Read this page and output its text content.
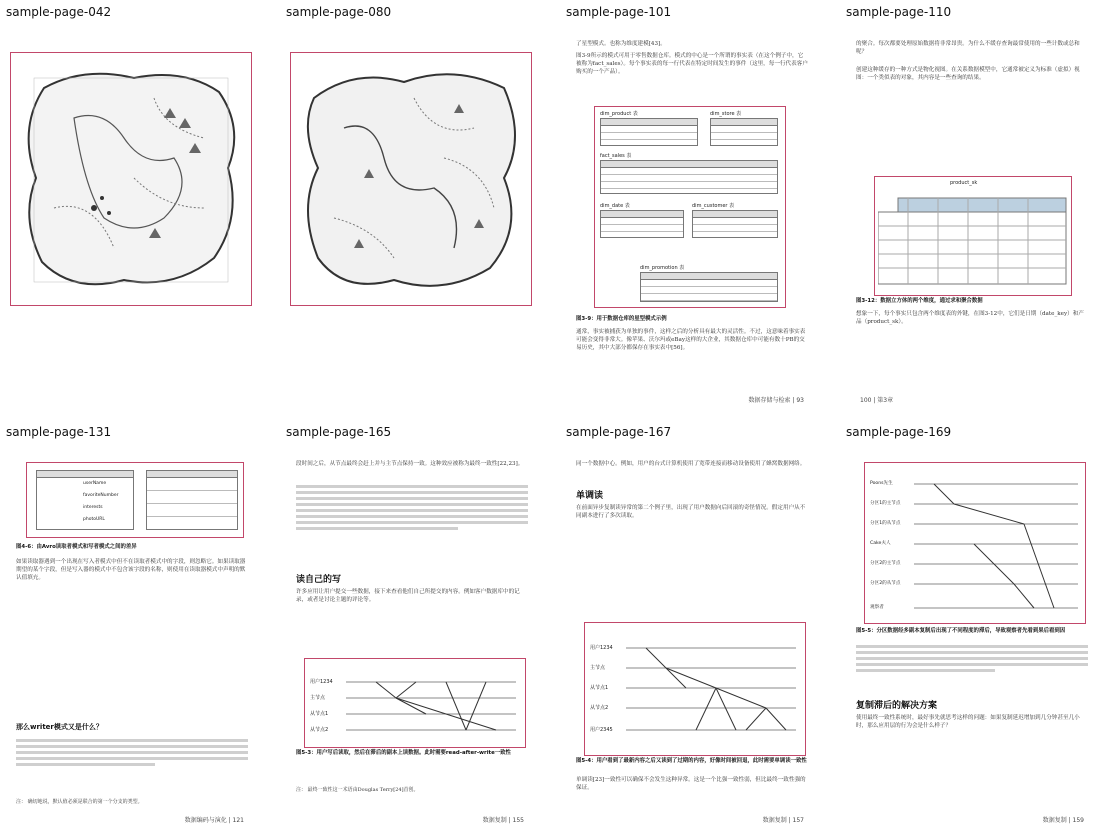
sample-page-042	sample-page-080	sample-page-101
了星型模式。也称为维度建模[43]。
图3-9所示的模式可用于零售数据仓库。模式的中心是一个所谓的事实表（在这个例子中，它被称为fact_sales）。每个事实表的每一行代表在特定时间发生的事件（这里，每一行代表客户购买的一个产品）。
dim_product 表	dim_store 表
fact_sales 表
dim_date 表	dim_customer 表
dim_promotion 表
图3-9：用于数据仓库的星型模式示例
通常，事实被捕获为单独的事件，这样之后的分析具有最大的灵活性。不过，这意味着事实表可能会变得非常大。像苹果、沃尔玛或eBay这样的大企业，其数据仓库中可能有数十PB的交易历史，其中大部分都保存在事实表中[56]。
数据存储与检索 | 93
sample-page-110
的聚合。每次都要处理原始数据将非常昂贵。为什么不缓存查询最常使用的一些计数或总和呢？
创建这种缓存的一种方式是物化视图。在关系数据模型中，它通常被定义为标准（虚拟）视图：一个类似表的对象，其内容是一些查询的结果。
product_sk
图3-12：数据立方体的两个维度，通过求和聚合数据
想象一下，每个事实只包含两个维度表的外键，在图3-12中，它们是日期（date_key）和产品（product_sk）。
100 | 第3章
sample-page-131
userName
favoriteNumber
interests
photoURL
图4-6：由Avro读取者模式和写者模式之间的差异
如果读取器遇到一个出现在写入者模式中但不在读取者模式中的字段，则忽略它。如果读取器期望的某个字段，但是写入器的模式中不包含该字段的名称，则使用在读取器模式中声明的默认值填充。
那么writer模式又是什么？
注： 确切地说，默认值必须是联合的第一个分支的类型。
数据编码与演化 | 121
sample-page-165
段时间之后，从节点最终会赶上并与主节点保持一致。这种效应被称为最终一致性[22,23]。
读自己的写
许多应用让用户提交一些数据，接下来查看他们自己所提交的内容。例如客户数据库中的记录，或者是讨论主题的评论等。
用户1234
主节点
从节点1
从节点2
图5-3：用户写后读取，然后在滞后的副本上读数据。此时需要read-after-write一致性
注： 最终一致性这一术语由Douglas Terry[24]首创。
数据复制 | 155
sample-page-167
同一个数据中心。例如，用户的台式计算机使用了宽带连接而移动设备使用了蜂窝数据网络。
单调读
在前面异步复制读异常的第二个例子里，出现了用户数据向后回滚的奇怪情况。假定用户从不同副本进行了多次读取。
用户1234
主节点
从节点1
从节点2
用户2345
图5-4：用户看到了最新内容之后又读到了过期的内容，好像时间被回退，此时需要单调读一致性
单调读[23]一致性可以确保不会发生这种异常。这是一个比强一致性弱，但比最终一致性强的保证。
数据复制 | 157
sample-page-169
Poons先生
分区1的主节点
分区1的从节点
Cake夫人
分区2的主节点
分区2的从节点
观察者
图5-5：分区数据经多副本复制后出现了不同程度的滞后，导致观察者先看到果后看到因
复制滞后的解决方案
使用最终一致性系统时，最好事先就思考这样的问题：如果复制延迟增加到几分钟甚至几小时，那么应用层的行为会是什么样子？
数据复制 | 159
